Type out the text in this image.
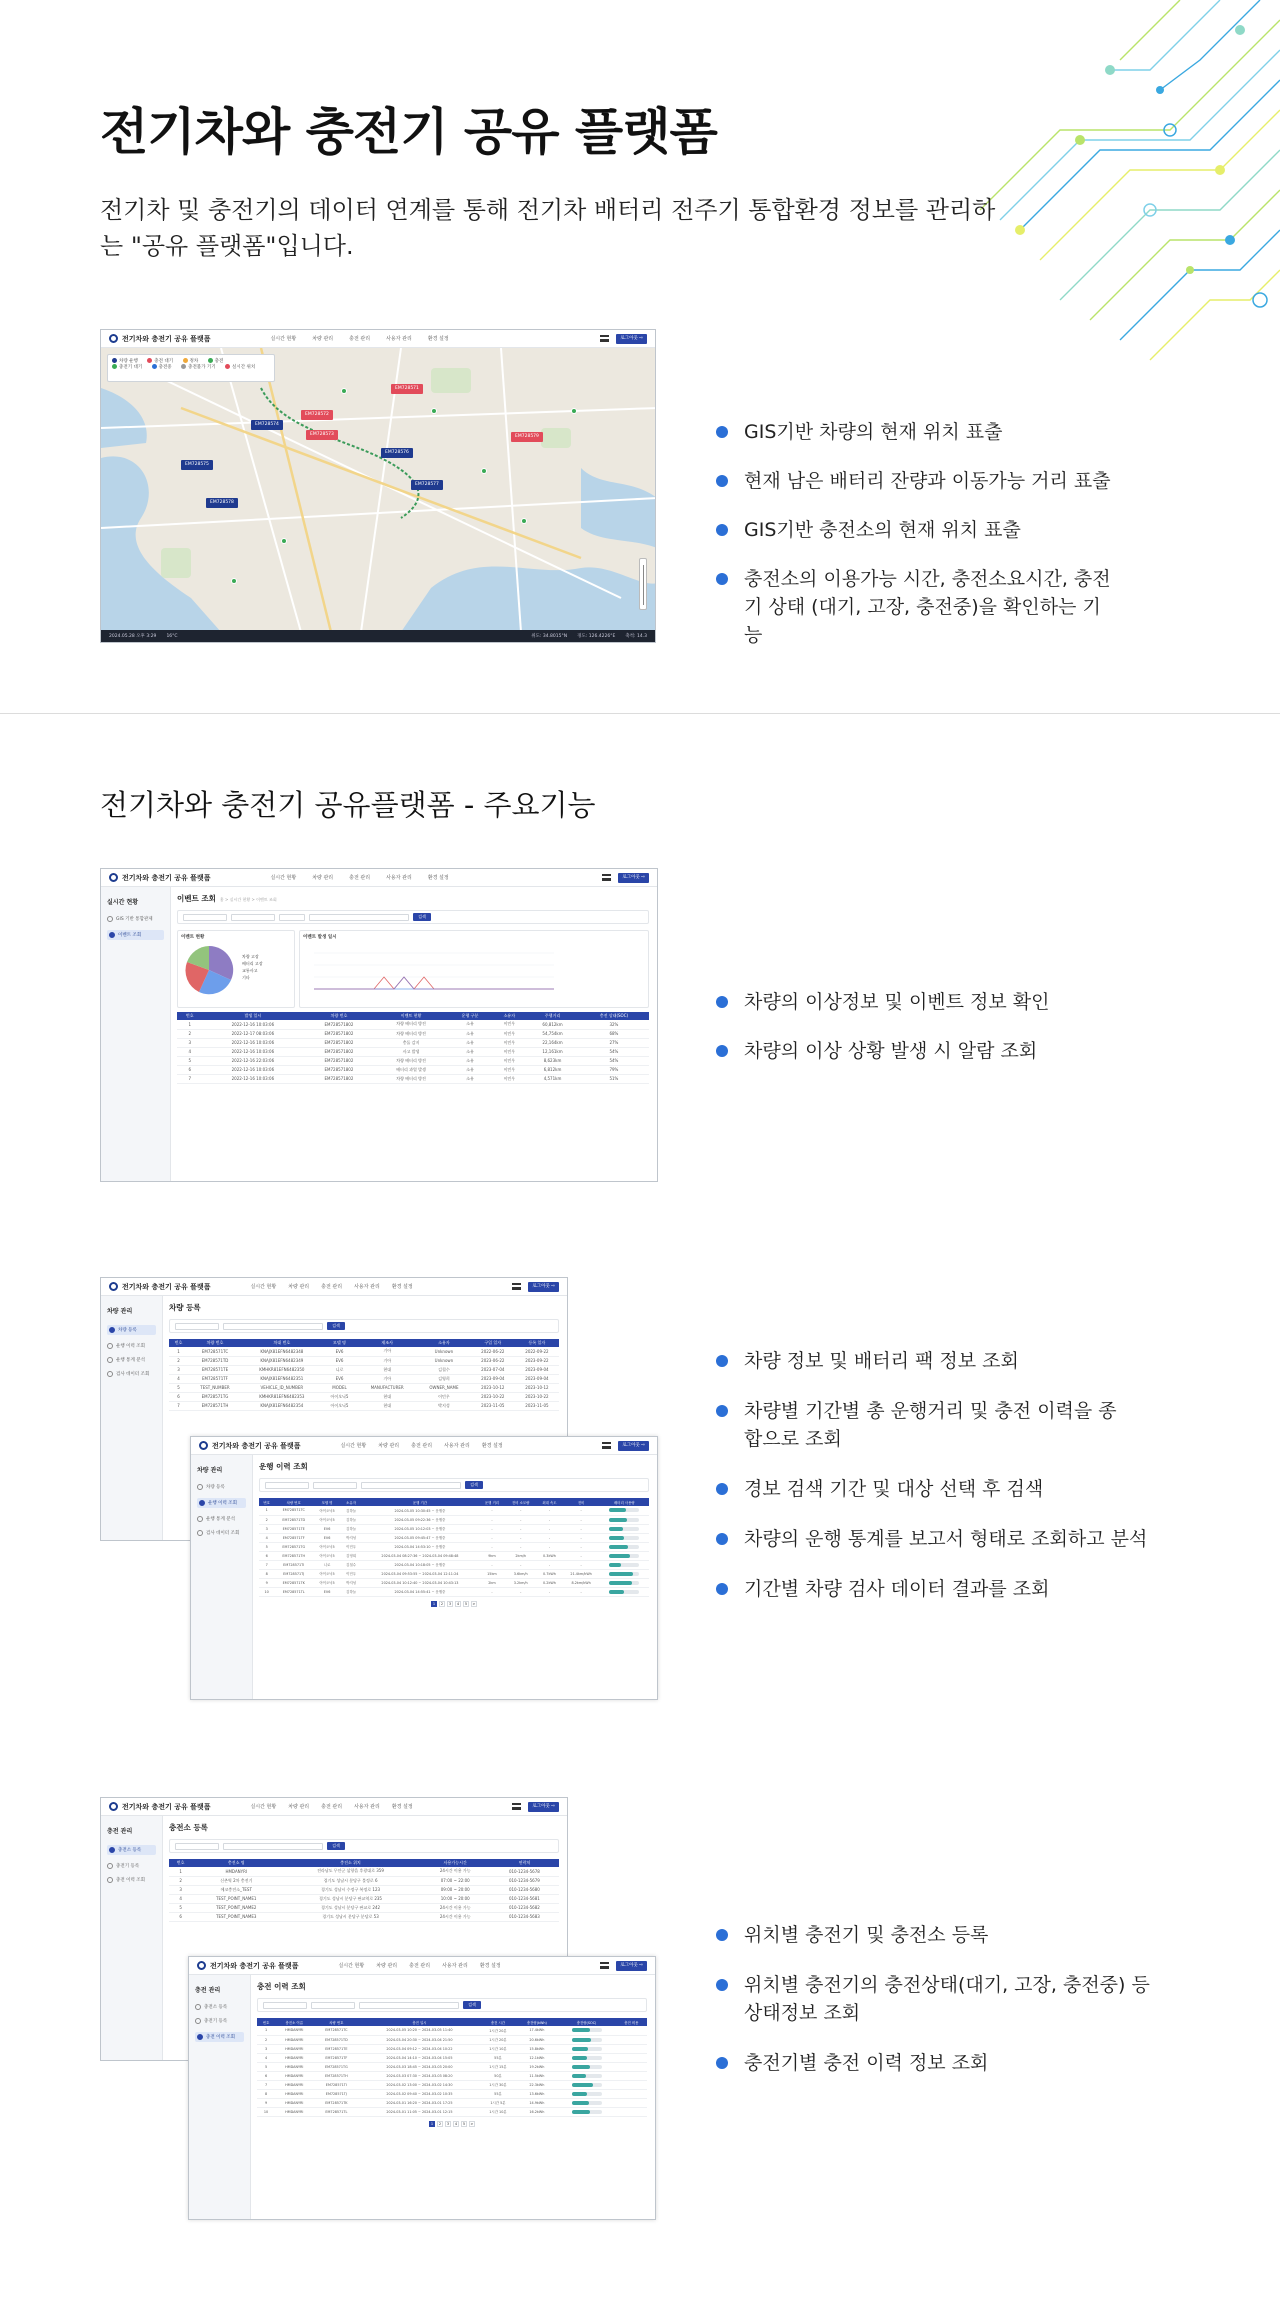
전기차와 충전기 공유 플랫폼

전기차 및 충전기의 데이터 연계를 통해 전기차 배터리 전주기 통합환경 정보를 관리하는 "공유 플랫폼"입니다.

전기차와 충전기 공유 플랫폼	실시간 현황	차량 관리	충전 관리	사용자 관리	환경 설정	로그아웃 ⇨
차량 운행	충전 대기	정차	충전
충전기 대기	충전중	충전불가 기기	실시간 위치
EM728571
EM728572
EM728573
EM728574
EM728575
EM728576
EM728577
EM728578
EM728579
2024.05.28 오후 3:29 16°C	위도: 34.8015°N 경도: 126.4226°E 축척: 14.3
GIS기반 차량의 현재 위치 표출
현재 남은 배터리 잔량과 이동가능 거리 표출
GIS기반 충전소의 현재 위치 표출
충전소의 이용가능 시간, 충전소요시간, 충전기 상태 (대기, 고장, 충전중)을 확인하는 기능
전기차와 충전기 공유플랫폼 - 주요기능
전기차와 충전기 공유 플랫폼	실시간 현황	차량 관리	충전 관리	사용자 관리	환경 설정	로그아웃 ⇨
실시간 현황
GIS 기반 통합관제
이벤트 조회
이벤트 조회 홈 > 실시간 현황 > 이벤트 조회
검색
이벤트 현황
차량 고장
배터리 고장
교통사고
기타
이벤트 발생 일시
번호	발생 일시	차량 번호	이벤트 현황	운행 구분	소유자	주행거리	충전 상태(SOC)
1	2022-12-16 10:03:06	EM728571802	차량 배터리 방전	소유	이민우	60,812km	32%
2	2022-12-17 08:03:06	EM728571802	차량 배터리 방전	소유	이민우	54,754km	68%
3	2022-12-16 10:03:06	EM728571802	충돌 감지	소유	이민우	22,164km	27%
4	2022-12-16 10:03:06	EM728571802	사고 발생	소유	이민우	12,161km	54%
5	2022-12-16 22:03:06	EM728571802	차량 배터리 방전	소유	이민우	8,623km	54%
6	2022-12-16 10:03:06	EM728571802	배터리 과열 발생	소유	이민우	6,812km	79%
7	2022-12-16 10:03:06	EM728571802	차량 배터리 방전	소유	이민우	4,571km	51%
차량의 이상정보 및 이벤트 정보 확인
차량의 이상 상황 발생 시 알람 조회
전기차와 충전기 공유 플랫폼	실시간 현황 차량 관리 충전 관리 사용자 관리 환경 설정	로그아웃 ⇨
차량 관리
차량 등록
운행 이력 조회
운행 통계 분석
검사 데이터 조회
차량 등록
검색
번호	차량 번호	차대 번호	모델 명	제조사	소유자	구입 일자	등록 일자
1	EM728571TC	KNAJX81EFN6482348	EV6	기아	Unknown	2022-06-22	2022-09-22
2	EM728571TD	KNAJX81EFN6482349	EV6	기아	Unknown	2023-06-22	2023-09-22
3	EM728571TE	KMHKR81EFN6482350	니로	현대	김철수	2023-07-04	2023-09-04
4	EM728571TF	KNAJX81EFN6482351	EV6	기아	김영희	2023-09-04	2023-09-04
5	TEST_NUMBER	VEHICLE_ID_NUMBER	MODEL	MANUFACTURER	OWNER_NAME	2023-10-12	2023-10-12
6	EM728571TG	KMHKR81EFN6482353	아이오닉5	현대	이민우	2023-10-22	2023-10-22
7	EM728571TH	KNAJX81EFN6482354	아이오닉5	현대	박지성	2023-11-05	2023-11-05
전기차와 충전기 공유 플랫폼	실시간 현황 차량 관리 충전 관리 사용자 관리 환경 설정	로그아웃 ⇨
차량 관리
차량 등록
운행 이력 조회
운행 통계 분석
검사 데이터 조회
운행 이력 조회
검색
번호	차량 번호	모델 명	소유자	운행 기간	운행 거리	전비 소모량	최대 속도	전비	배터리 사용량
1	EM728571TC	아이오닉5	김하늘	2024-03-05 10:30:45 ~ 운행중	-	-	-	-	

2	EM728571TD	아이오닉5	김하늘	2024-03-05 09:22:36 ~ 운행중	-	-	-	-	

3	EM728571TE	EV6	김하늘	2024-03-05 10:12:03 ~ 운행중	-	-	-	-	

4	EM728571TF	EV6	박지성	2024-03-05 09:45:47 ~ 운행중	-	-	-	-	

5	EM728571TG	아이오닉5	이민우	2024-03-04 14:53:10 ~ 운행중	-	-	-	-	

6	EM728571TH	아이오닉5	김영희	2024-03-04 08:27:36 ~ 2024-03-04 09:48:48	9km	2km/h	0.3kWh	-	

7	EM728571TI	니로	김철수	2024-03-04 10:18:05 ~ 운행중	-	-	-	-	

8	EM728571TJ	아이오닉5	이민우	2024-03-04 09:53:55 ~ 2024-03-04 12:11:24	15km	3.6km/h	0.7kWh	21.4km/kWh	

9	EM728571TK	아이오닉5	박지성	2024-03-04 10:12:40 ~ 2024-03-04 10:43:13	2km	3.2km/h	0.2kWh	8.2km/kWh	

10	EM728571TL	EV6	김하늘	2024-03-04 14:55:41 ~ 운행중	-	-	-	-	
1	2	3	4	5	>
차량 정보 및 배터리 팩 정보 조회
차량별 기간별 총 운행거리 및 충전 이력을 종합으로 조회
경보 검색 기간 및 대상 선택 후 검색
차량의 운행 통계를 보고서 형태로 조회하고 분석
기간별 차량 검사 데이터 결과를 조회
전기차와 충전기 공유 플랫폼	실시간 현황 차량 관리 충전 관리 사용자 관리 환경 설정	로그아웃 ⇨
충전 관리
충전소 등록
충전기 등록
충전 이력 조회
충전소 등록
검색
번호	충전소 명	충전소 위치	사용가능시간	연락처
1	HMDANYRI	전라남도 무안군 삼향읍 후광대로 359	24시간 이용 가능	010-1234-5678
2	신촌역 2차 충전기	경기도 성남시 분당구 불정로 6	07:00 ~ 22:00	010-1234-5679
3	에코충전소_TEST	경기도 성남시 수정구 복정로 123	09:00 ~ 20:00	010-1234-5680
4	TEST_POINT_NAME1	경기도 성남시 분당구 판교역로 235	10:00 ~ 20:00	010-1234-5681
5	TEST_POINT_NAME2	경기도 성남시 분당구 판교로 242	24시간 이용 가능	010-1234-5682
6	TEST_POINT_NAME3	경기도 성남시 분당구 분당로 53	24시간 이용 가능	010-1234-5683
전기차와 충전기 공유 플랫폼	실시간 현황 차량 관리 충전 관리 사용자 관리 환경 설정	로그아웃 ⇨
충전 관리
충전소 등록
충전기 등록
충전 이력 조회
충전 이력 조회
검색
번호	충전소 이름	차량 번호	충전 일시	충전 시간	충전량(kWh)	충전량(SOC)	충전 비용
1	HMDANYRI	EM728571TC	2024-03-05 10:20 ~ 2024-03-05 11:40	1시간 20분	17.4kWh	

2	HMDANYRI	EM728571TD	2024-03-04 20:30 ~ 2024-03-04 21:50	1시간 20분	20.6kWh	

3	HMDANYRI	EM728571TE	2024-03-04 09:12 ~ 2024-03-04 10:22	1시간 10분	15.8kWh	

4	HMDANYRI	EM728571TF	2024-03-04 14:10 ~ 2024-03-04 15:05	55분	12.1kWh	

5	HMDANYRI	EM728571TG	2024-03-03 18:45 ~ 2024-03-03 20:00	1시간 15분	19.2kWh	

6	HMDANYRI	EM728571TH	2024-03-03 07:30 ~ 2024-03-03 08:20	50분	11.5kWh	

7	HMDANYRI	EM728571TI	2024-03-02 13:00 ~ 2024-03-02 14:30	1시간 30분	22.3kWh	

8	HMDANYRI	EM728571TJ	2024-03-02 09:40 ~ 2024-03-02 10:35	55분	13.6kWh	

9	HMDANYRI	EM728571TK	2024-03-01 16:20 ~ 2024-03-01 17:25	1시간 5분	14.9kWh	

10	HMDANYRI	EM728571TL	2024-03-01 11:05 ~ 2024-03-01 12:15	1시간 10분	16.2kWh	

1	2	3	4	5	>
위치별 충전기 및 충전소 등록
위치별 충전기의 충전상태(대기, 고장, 충전중) 등 상태정보 조회
충전기별 충전 이력 정보 조회
